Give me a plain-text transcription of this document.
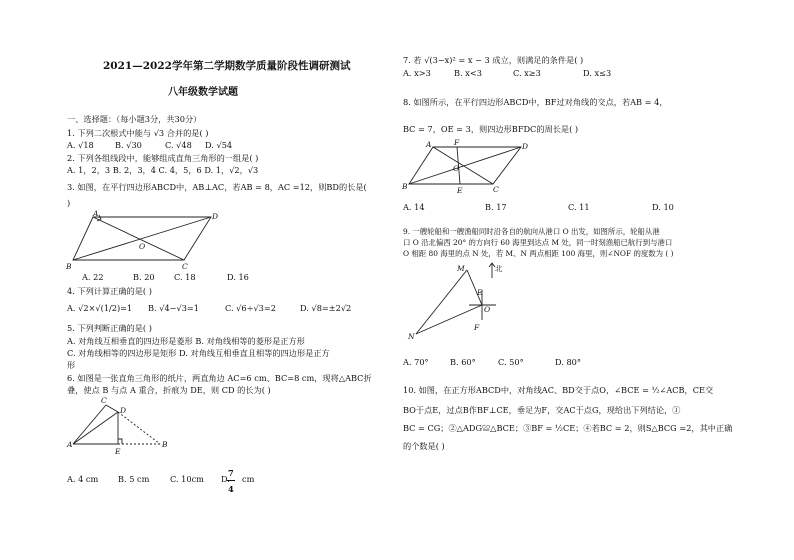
2021—2022学年第二学期数学质量阶段性调研测试
八年级数学试题
一、选择题：（每小题3分，共30分）
1. 下列二次根式中能与 √3 合并的是( )
A. √18	B. √30	C. √48 D. √54
2. 下列各组线段中，能够组成直角三角形的一组是( )
A. 1，2，3 B. 2，3，4 C. 4，5，6 D. 1，√2，√3
3. 如图，在平行四边形ABCD中，AB⊥AC，若AB = 8，AC =12，则BD的长是(
)
A	D
O
B	C
A. 22	B. 20 C. 18	D. 16
4. 下列计算正确的是( )
A. √2×√(1/2)=1 B. √4−√3=1	C. √6÷√3=2	D. √8=±2√2
5. 下列判断正确的是( )
A. 对角线互相垂直的四边形是菱形 B. 对角线相等的菱形是正方形
C. 对角线相等的四边形是矩形 D. 对角线互相垂直且相等的四边形是正方
形
6. 如图是一张直角三角形的纸片，两直角边 AC=6 cm、BC=8 cm，现将△ABC折
叠，使点 B 与点 A 重合，折痕为 DE，则 CD 的长为( )
C
D
A
E
B
A. 4 cm B. 5 cm	C. 10cm D.
7
4
cm
7. 若 √(3−x)² = x − 3 成立，则满足的条件是( )
A. x>3	B. x<3	C. x≥3	D. x≤3
8. 如图所示，在平行四边形ABCD中，BF过对角线的交点，若AB = 4，
BC = 7，OE = 3，则四边形BFDC的周长是( )
A	F	D
O
B	E	C
A. 14	B. 17	C. 11	D. 10
9. 一艘轮船和一艘渔船同时沿各自的航向从港口 O 出发，如图所示，轮船从港
口 O 沿北偏西 20° 的方向行 60 海里到达点 M 处，同一时刻渔船已航行到与港口
O 相距 80 海里的点 N 处，若 M、N 两点相距 100 海里，则∠NOF 的度数为 ( )
M	北
E
O
N
F
A. 70°	B. 60°	C. 50°	D. 80°
10. 如图，在正方形ABCD中，对角线AC、BD交于点O，∠BCE = ½∠ACB，CE交
BO于点E，过点B作BF⊥CE，垂足为F，交AC于点G，现给出下列结论，①
BC = CG；②△ADG≌△BCE；③BF = ½CE；④若BC = 2，则S△BCG =2，其中正确
的个数是( )
